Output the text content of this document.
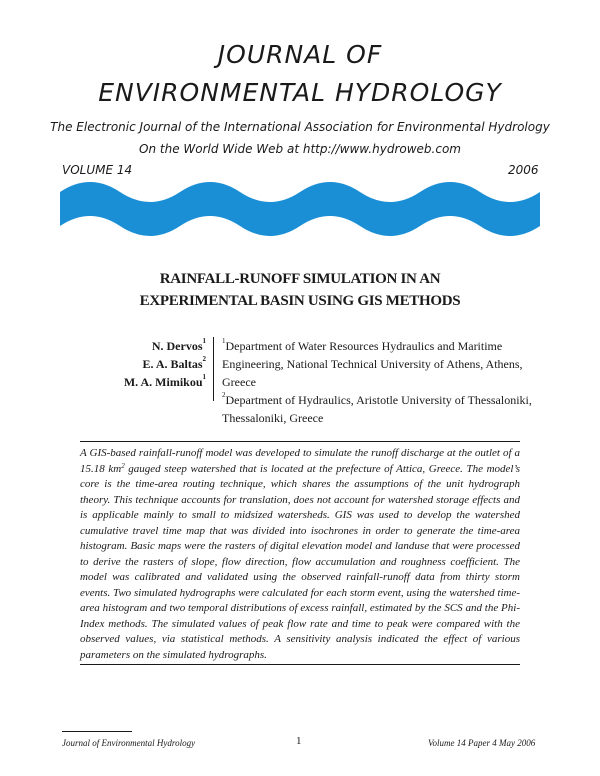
JOURNAL OF
ENVIRONMENTAL HYDROLOGY
The Electronic Journal of the International Association for Environmental Hydrology
On the World Wide Web at http://www.hydroweb.com
VOLUME 14	2006
RAINFALL-RUNOFF SIMULATION IN AN
EXPERIMENTAL BASIN USING GIS METHODS
N. Dervos$^1$
E. A. Baltas$^2$
M. A. Mimikou$^1$
$^1$Department of Water Resources Hydraulics and Maritime Engineering, National Technical University of Athens, Athens, Greece
$^2$Department of Hydraulics, Aristotle University of Thessaloniki, Thessaloniki, Greece
A GIS-based rainfall-runoff model was developed to simulate the runoff discharge at the outlet of a 15.18 $km^2$ gauged steep watershed that is located at the prefecture of Attica, Greece. The model’s core is the time-area routing technique, which shares the assumptions of the unit hydrograph theory. This technique accounts for translation, does not account for watershed storage effects and is applicable mainly to small to midsized watersheds. GIS was used to develop the watershed cumulative travel time map that was divided into isochrones in order to generate the time-area histogram. Basic maps were the rasters of digital elevation model and landuse that were processed to derive the rasters of slope, flow direction, flow accumulation and roughness coefficient. The model was calibrated and validated using the observed rainfall-runoff data from thirty storm events. Two simulated hydrographs were calculated for each storm event, using the watershed time-area histogram and two temporal distributions of excess rainfall, estimated by the SCS and the Phi-Index methods. The simulated values of peak flow rate and time to peak were compared with the observed values, via statistical methods. A sensitivity analysis indicated the effect of various parameters on the simulated hydrographs.
Journal of Environmental Hydrology	1	Volume 14 Paper 4 May 2006
